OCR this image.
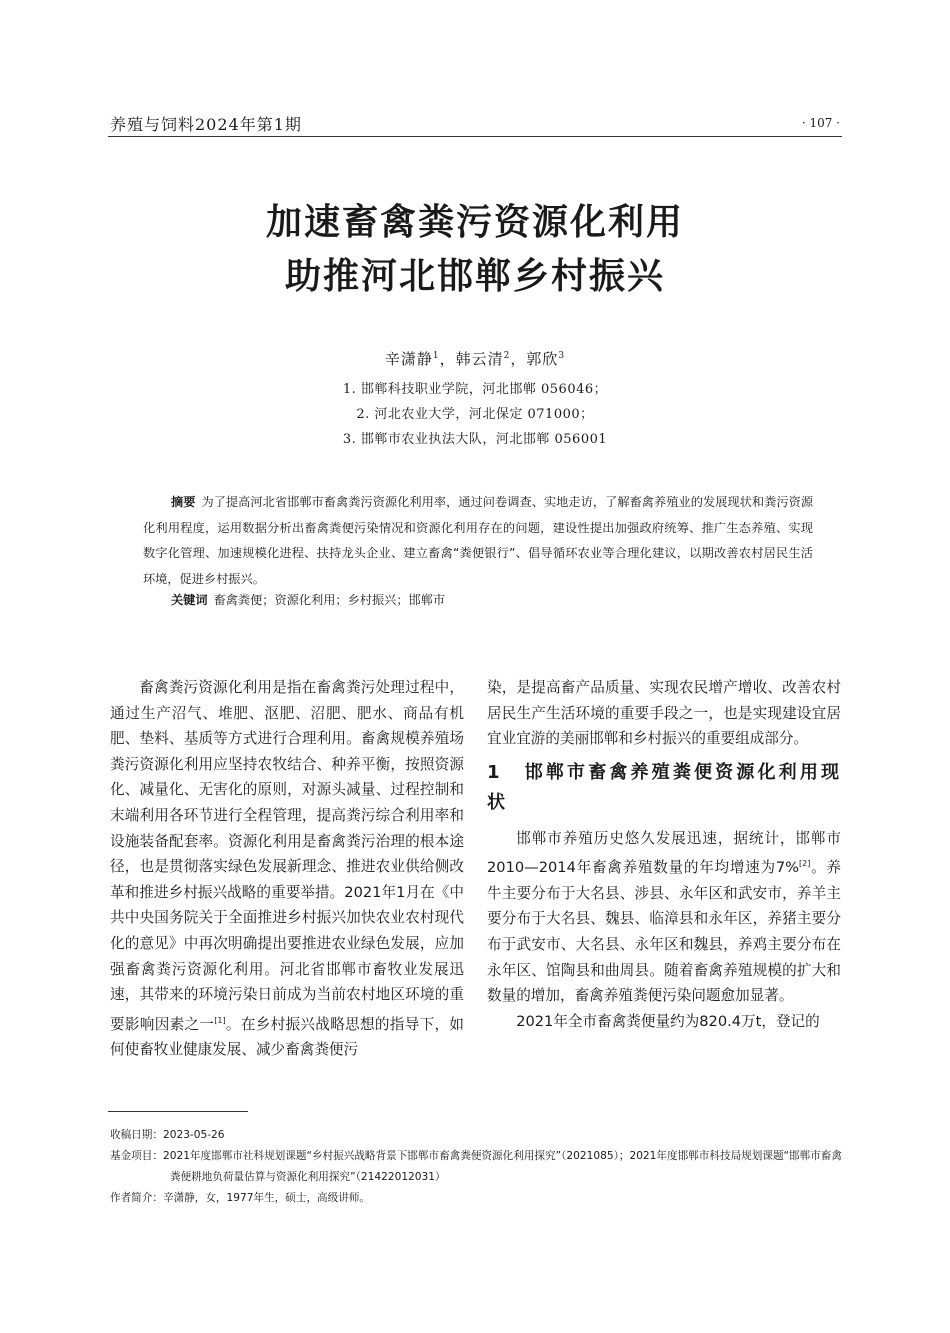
养殖与饲料2024年第1期	· 107 ·
加速畜禽粪污资源化利用
助推河北邯郸乡村振兴
辛潇静$^1$，韩云清$^2$，郭欣$^3$
1. 邯郸科技职业学院，河北邯郸 056046；
2. 河北农业大学，河北保定 071000；
3. 邯郸市农业执法大队，河北邯郸 056001
摘要 为了提高河北省邯郸市畜禽粪污资源化利用率，通过问卷调查、实地走访，了解畜禽养殖业的发展现状和粪污资源化利用程度，运用数据分析出畜禽粪便污染情况和资源化利用存在的问题，建设性提出加强政府统筹、推广生态养殖、实现数字化管理、加速规模化进程、扶持龙头企业、建立畜禽“粪便银行”、倡导循环农业等合理化建议，以期改善农村居民生活环境，促进乡村振兴。
关键词 畜禽粪便；资源化利用；乡村振兴；邯郸市

畜禽粪污资源化利用是指在畜禽粪污处理过程中，通过生产沼气、堆肥、沤肥、沼肥、肥水、商品有机肥、垫料、基质等方式进行合理利用。畜禽规模养殖场粪污资源化利用应坚持农牧结合、种养平衡，按照资源化、减量化、无害化的原则，对源头减量、过程控制和末端利用各环节进行全程管理，提高粪污综合利用率和设施装备配套率。资源化利用是畜禽粪污治理的根本途径，也是贯彻落实绿色发展新理念、推进农业供给侧改革和推进乡村振兴战略的重要举措。2021年1月在《中共中央国务院关于全面推进乡村振兴加快农业农村现代化的意见》中再次明确提出要推进农业绿色发展，应加强畜禽粪污资源化利用。河北省邯郸市畜牧业发展迅速，其带来的环境污染日前成为当前农村地区环境的重要影响因素之一[1]。在乡村振兴战略思想的指导下，如何使畜牧业健康发展、减少畜禽粪便污

染，是提高畜产品质量、实现农民增产增收、改善农村居民生产生活环境的重要手段之一，也是实现建设宜居宜业宜游的美丽邯郸和乡村振兴的重要组成部分。

1 邯郸市畜禽养殖粪便资源化利用现状

邯郸市养殖历史悠久发展迅速，据统计，邯郸市2010—2014年畜禽养殖数量的年均增速为7%[2]。养牛主要分布于大名县、涉县、永年区和武安市，养羊主要分布于大名县、魏县、临漳县和永年区，养猪主要分布于武安市、大名县、永年区和魏县，养鸡主要分布在永年区、馆陶县和曲周县。随着畜禽养殖规模的扩大和数量的增加，畜禽养殖粪便污染问题愈加显著。

2021年全市畜禽粪便量约为820.4万t，登记的

收稿日期：2023-05-26

基金项目：2021年度邯郸市社科规划课题“乡村振兴战略背景下邯郸市畜禽粪便资源化利用探究”（2021085）；2021年度邯郸市科技局规划课题“邯郸市畜禽粪便耕地负荷量估算与资源化利用探究”（21422012031）

作者简介：辛潇静，女，1977年生，硕士，高级讲师。
